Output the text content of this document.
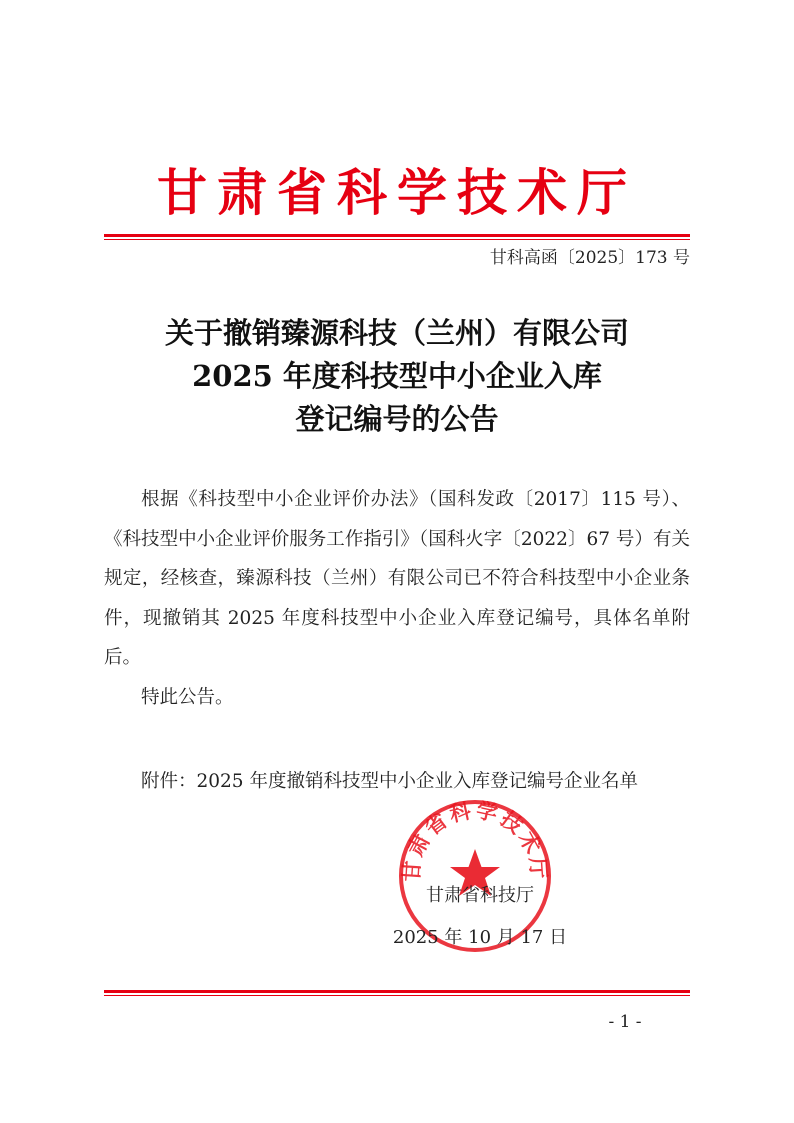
甘肃省科学技术厅
甘科高函〔2025〕173 号
关于撤销臻源科技（兰州）有限公司
2025 年度科技型中小企业入库
登记编号的公告

根据《科技型中小企业评价办法》（国科发政〔2017〕115 号）、《科技型中小企业评价服务工作指引》（国科火字〔2022〕67 号）有关规定，经核查，臻源科技（兰州）有限公司已不符合科技型中小企业条件，现撤销其 2025 年度科技型中小企业入库登记编号，具体名单附后。

特此公告。

附件：2025 年度撤销科技型中小企业入库登记编号企业名单
甘肃省科学技术厅
甘肃省科技厅
2025 年 10 月 17 日
- 1 -
